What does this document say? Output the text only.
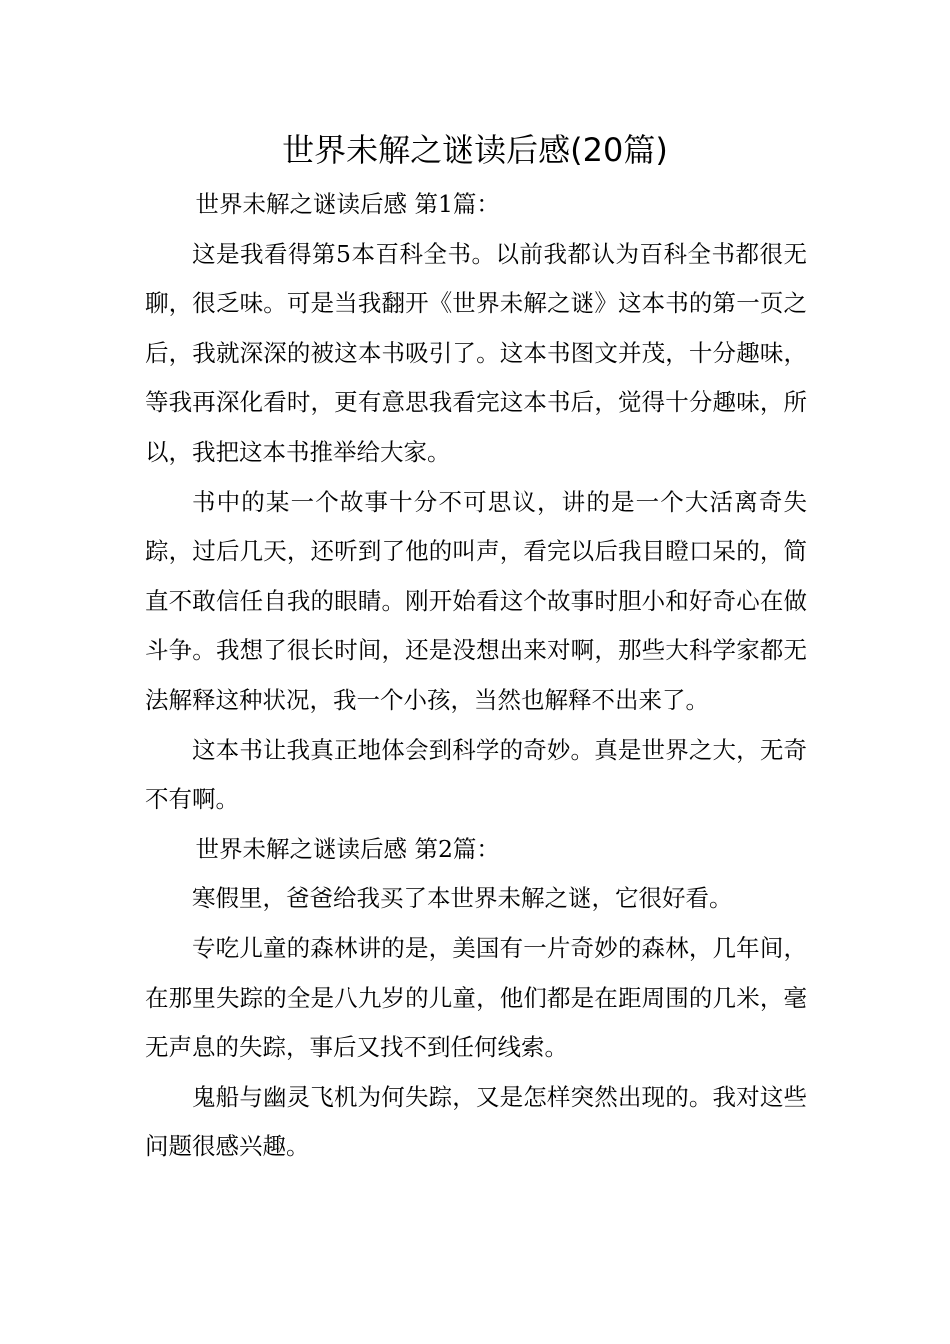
世界未解之谜读后感(20篇)

世界未解之谜读后感 第1篇：

这是我看得第5本百科全书。以前我都认为百科全书都很无聊，很乏味。可是当我翻开《世界未解之谜》这本书的第一页之后，我就深深的被这本书吸引了。这本书图文并茂，十分趣味，等我再深化看时，更有意思我看完这本书后，觉得十分趣味，所以，我把这本书推举给大家。

书中的某一个故事十分不可思议，讲的是一个大活离奇失踪，过后几天，还听到了他的叫声，看完以后我目瞪口呆的，简直不敢信任自我的眼睛。刚开始看这个故事时胆小和好奇心在做斗争。我想了很长时间，还是没想出来对啊，那些大科学家都无法解释这种状况，我一个小孩，当然也解释不出来了。

这本书让我真正地体会到科学的奇妙。真是世界之大，无奇不有啊。

世界未解之谜读后感 第2篇：

寒假里，爸爸给我买了本世界未解之谜，它很好看。

专吃儿童的森林讲的是，美国有一片奇妙的森林，几年间，在那里失踪的全是八九岁的儿童，他们都是在距周围的几米，毫无声息的失踪，事后又找不到任何线索。

鬼船与幽灵飞机为何失踪，又是怎样突然出现的。我对这些问题很感兴趣。
